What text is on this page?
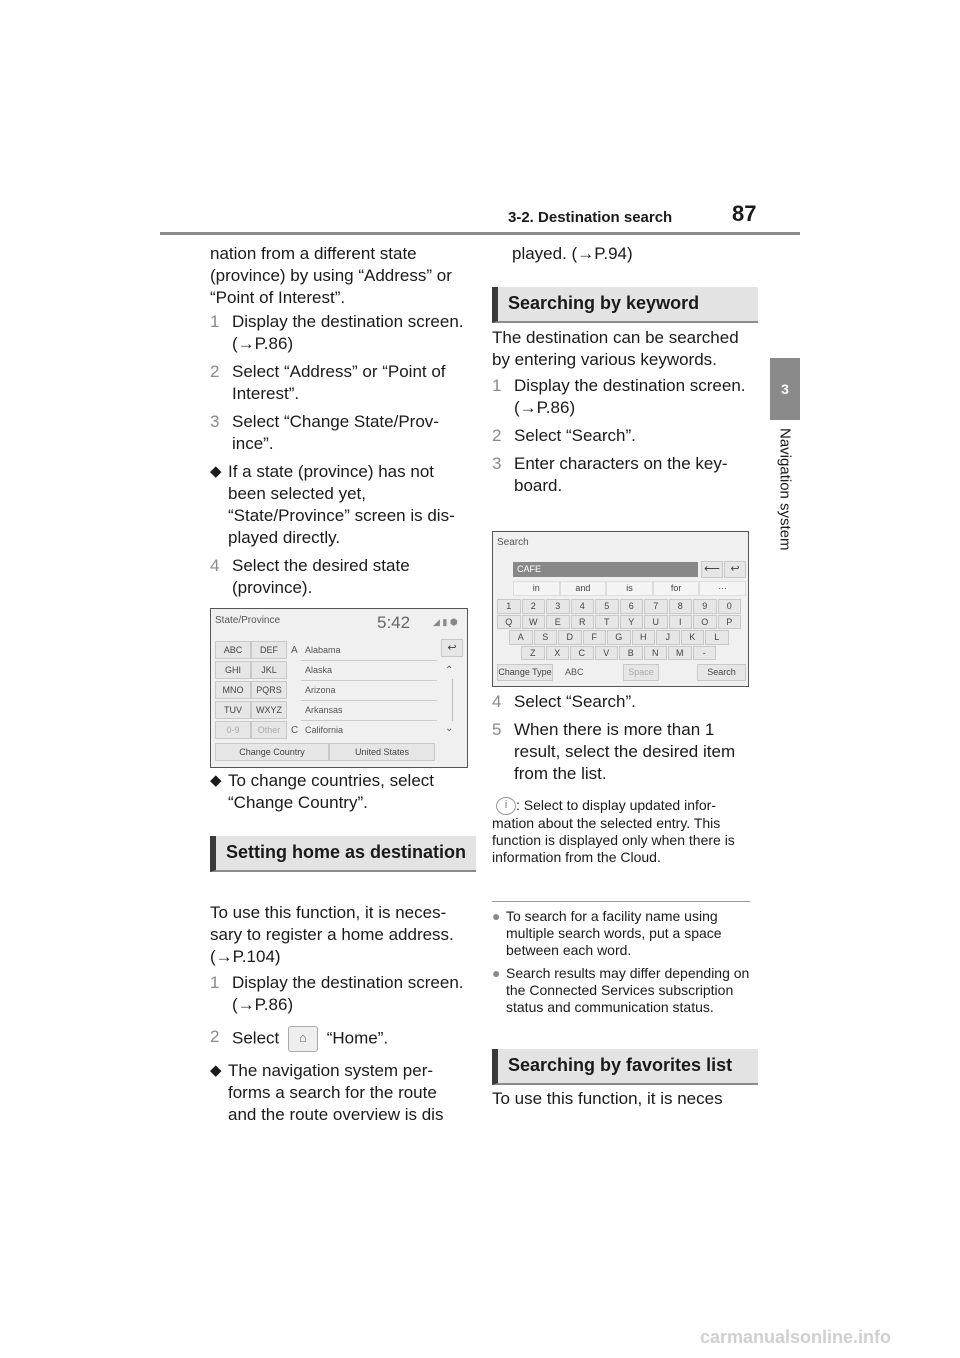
3-2. Destination search	87
3
Navigation system

nation from a different state (province) by using “Address” or “Point of Interest”.

1 Display the destination screen. (→P.86)

2 Select “Address” or “Point of Interest”.

3 Select “Change State/Province”.

◆ If a state (province) has not been selected yet, “State/Province” screen is displayed directly.

4 Select the desired state (province).

State/Province	5:42	◢ ▮ ⬢
ABC	DEF
GHI	JKL
MNO	PQRS
TUV	WXYZ
0-9	Other
A
C
Alabama
Alaska
Arizona
Arkansas
California
↩
⌃
⌄
Change Country	United States

◆ To change countries, select “Change Country”.

Setting home as destination

To use this function, it is necessary to register a home address. (→P.104)

1 Display the destination screen. (→P.86)

2 Select ⌂ “Home”.

◆ The navigation system performs a search for the route and the route overview is dis

played. (→P.94)

Searching by keyword

The destination can be searched by entering various keywords.

1 Display the destination screen. (→P.86)

2 Select “Search”.

3 Enter characters on the keyboard.

Search
CAFE	⟵ ↩
in	and	is	for	···
1	2	3	4	5	6	7	8	9	0
Q	W	E	R	T	Y	U	I	O	P
A	S	D	F	G	H	J	K	L
Z	X	C	V	B	N	M	-
Change Type ABC	Space	Search

4 Select “Search”.

5 When there is more than 1 result, select the desired item from the list.

i : Select to display updated information about the selected entry. This function is displayed only when there is information from the Cloud.

● To search for a facility name using multiple search words, put a space between each word.

● Search results may differ depending on the Connected Services subscription status and communication status.

Searching by favorites list

To use this function, it is neces

carmanualsonline.info
